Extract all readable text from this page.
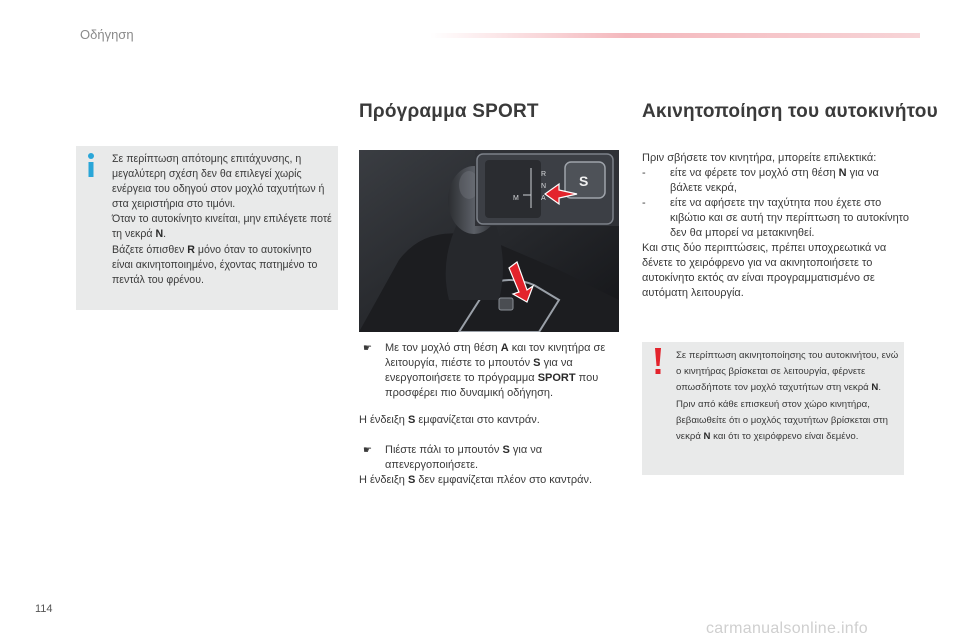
Οδήγηση
Σε περίπτωση απότομης επιτάχυνσης, η μεγαλύτερη σχέση δεν θα επιλεγεί χωρίς ενέργεια του οδηγού στον μοχλό ταχυτήτων ή στα χειριστήρια στο τιμόνι.
Όταν το αυτοκίνητο κινείται, μην επιλέγετε ποτέ τη νεκρά N.
Βάζετε όπισθεν R μόνο όταν το αυτοκίνητο είναι ακινητοποιημένο, έχοντας πατημένο το πεντάλ του φρένου.
Πρόγραμμα SPORT
R
N
A
M
S
☛ Με τον μοχλό στη θέση A και τον κινητήρα σε λειτουργία, πιέστε το μπουτόν S για να ενεργοποιήσετε το πρόγραμμα SPORT που προσφέρει πιο δυναμική οδήγηση.
Η ένδειξη S εμφανίζεται στο καντράν.
☛ Πιέστε πάλι το μπουτόν S για να απενεργοποιήσετε.
Η ένδειξη S δεν εμφανίζεται πλέον στο καντράν.
Ακινητοποίηση του αυτοκινήτου
Πριν σβήσετε τον κινητήρα, μπορείτε επιλεκτικά:
- είτε να φέρετε τον μοχλό στη θέση N για να βάλετε νεκρά,
- είτε να αφήσετε την ταχύτητα που έχετε στο κιβώτιο και σε αυτή την περίπτωση το αυτοκίνητο δεν θα μπορεί να μετακινηθεί.
Και στις δύο περιπτώσεις, πρέπει υποχρεωτικά να δένετε το χειρόφρενο για να ακινητοποιήσετε το αυτοκίνητο εκτός αν είναι προγραμματισμένο σε αυτόματη λειτουργία.
Σε περίπτωση ακινητοποίησης του αυτοκινήτου, ενώ ο κινητήρας βρίσκεται σε λειτουργία, φέρνετε οπωσδήποτε τον μοχλό ταχυτήτων στη νεκρά N.
Πριν από κάθε επισκευή στον χώρο κινητήρα, βεβαιωθείτε ότι ο μοχλός ταχυτήτων βρίσκεται στη νεκρά N και ότι το χειρόφρενο είναι δεμένο.
114
carmanualsonline.info
